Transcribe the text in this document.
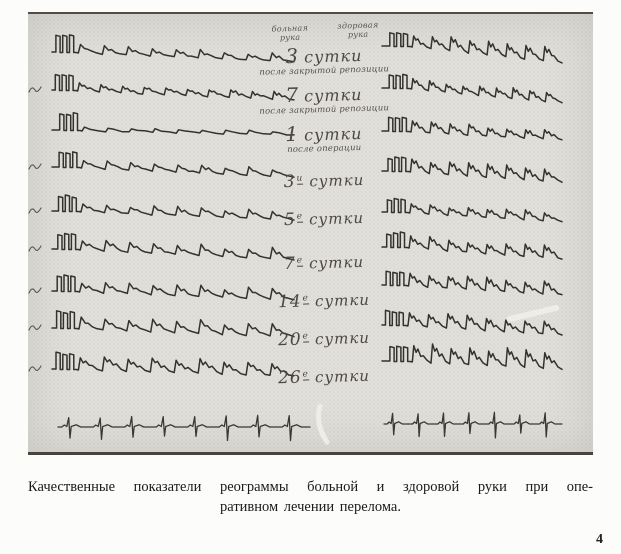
больная
рука
здоровая
рука
3 сутки
после закрытой репозиции
7 сутки
после закрытой репозиции
1 сутки
после операции
$3^и$ сутки
$5^е$ сутки
$7^е$ сутки
$14^е$ сутки
$20^е$ сутки
$26^е$ сутки
Качественные показатели реограммы больной и здоровой руки при опе-
ративном лечении перелома.
4
